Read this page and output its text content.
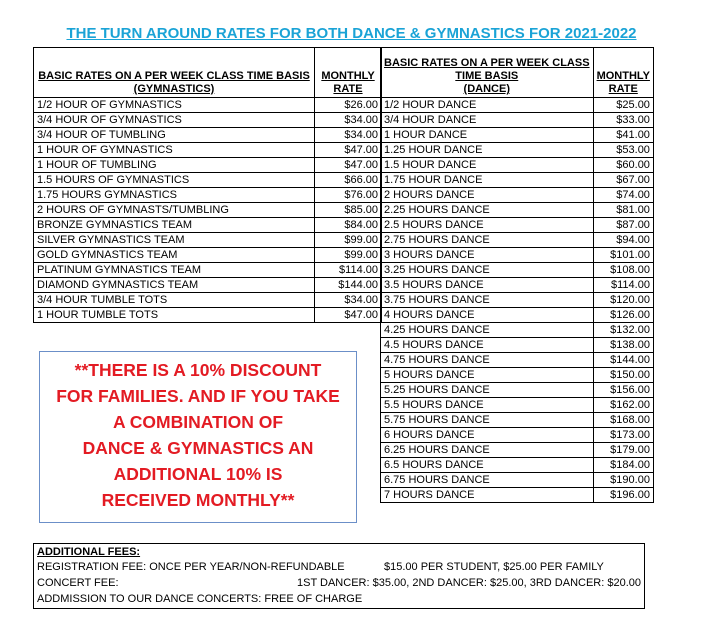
THE TURN AROUND RATES FOR BOTH DANCE & GYMNASTICS FOR 2021-2022
BASIC RATES ON A PER WEEK CLASS TIME BASIS
(GYMNASTICS)	MONTHLY
RATE
1/2 HOUR OF GYMNASTICS	$26.00
3/4 HOUR OF GYMNASTICS	$34.00
3/4 HOUR OF TUMBLING	$34.00
1 HOUR OF GYMNASTICS	$47.00
1 HOUR OF TUMBLING	$47.00
1.5 HOURS OF GYMNASTICS	$66.00
1.75 HOURS GYMNASTICS	$76.00
2 HOURS OF GYMNASTS/TUMBLING	$85.00
BRONZE GYMNASTICS TEAM	$84.00
SILVER GYMNASTICS TEAM	$99.00
GOLD GYMNASTICS TEAM	$99.00
PLATINUM GYMNASTICS TEAM	$114.00
DIAMOND GYMNASTICS TEAM	$144.00
3/4 HOUR TUMBLE TOTS	$34.00
1 HOUR TUMBLE TOTS	$47.00
BASIC RATES ON A PER WEEK CLASS
TIME BASIS
(DANCE)	MONTHLY
RATE
1/2 HOUR DANCE	$25.00
3/4 HOUR DANCE	$33.00
1 HOUR DANCE	$41.00
1.25 HOUR DANCE	$53.00
1.5 HOUR DANCE	$60.00
1.75 HOUR DANCE	$67.00
2 HOURS DANCE	$74.00
2.25 HOURS DANCE	$81.00
2.5 HOURS DANCE	$87.00
2.75 HOURS DANCE	$94.00
3 HOURS DANCE	$101.00
3.25 HOURS DANCE	$108.00
3.5 HOURS DANCE	$114.00
3.75 HOURS DANCE	$120.00
4 HOURS DANCE	$126.00
4.25 HOURS DANCE	$132.00
4.5 HOURS DANCE	$138.00
4.75 HOURS DANCE	$144.00
5 HOURS DANCE	$150.00
5.25 HOURS DANCE	$156.00
5.5 HOURS DANCE	$162.00
5.75 HOURS DANCE	$168.00
6 HOURS DANCE	$173.00
6.25 HOURS DANCE	$179.00
6.5 HOURS DANCE	$184.00
6.75 HOURS DANCE	$190.00
7 HOURS DANCE	$196.00
**THERE IS A 10% DISCOUNT
FOR FAMILIES. AND IF YOU TAKE
A COMBINATION OF
DANCE & GYMNASTICS AN
ADDITIONAL 10% IS
RECEIVED MONTHLY**
ADDITIONAL FEES:
REGISTRATION FEE: ONCE PER YEAR/NON-REFUNDABLE	$15.00 PER STUDENT, $25.00 PER FAMILY
CONCERT FEE:	1ST DANCER: $35.00, 2ND DANCER: $25.00, 3RD DANCER: $20.00
ADDMISSION TO OUR DANCE CONCERTS: FREE OF CHARGE
